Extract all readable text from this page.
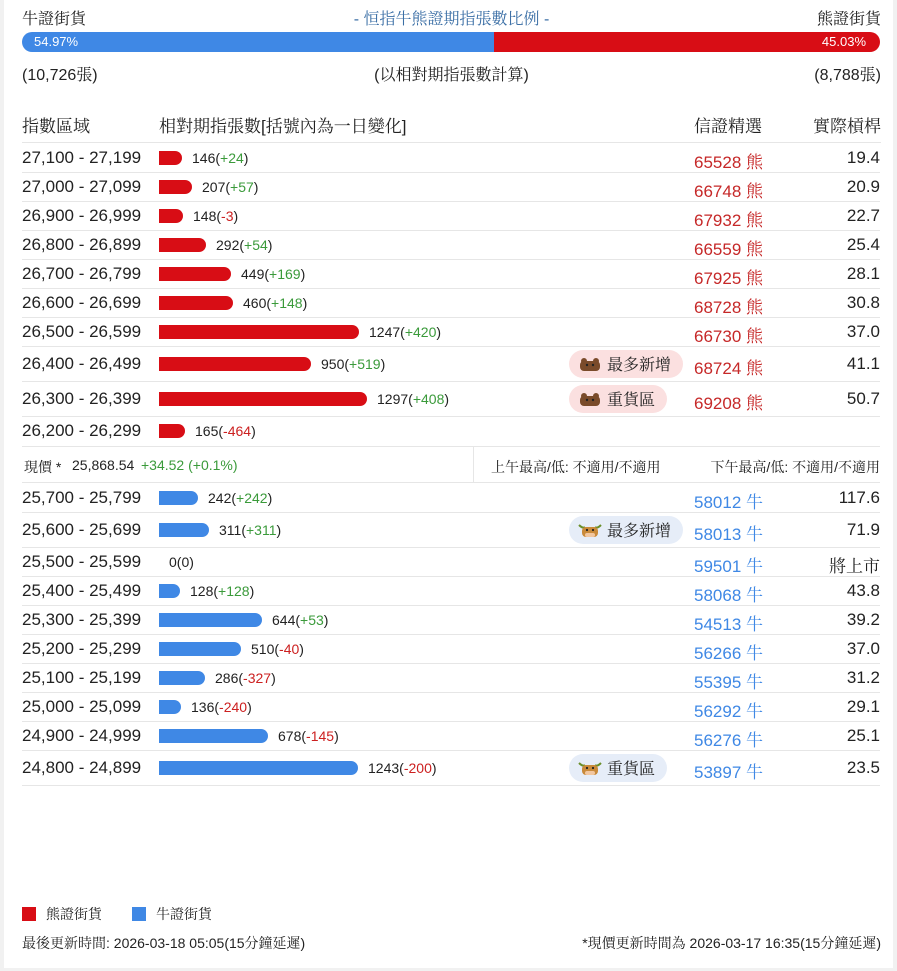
牛證街貨	- 恒指牛熊證期指張數比例 -	熊證街貨
54.97%	45.03%
(10,726張)	(以相對期指張數計算)	(8,788張)
指數區域	相對期指張數[括號內為一日變化]	信證精選	實際槓桿
27,100 - 27,199	146(+24)	65528 熊	19.4
27,000 - 27,099	207(+57)	66748 熊	20.9
26,900 - 26,999	148(-3)	67932 熊	22.7
26,800 - 26,899	292(+54)	66559 熊	25.4
26,700 - 26,799	449(+169)	67925 熊	28.1
26,600 - 26,699	460(+148)	68728 熊	30.8
26,500 - 26,599	1247(+420)	66730 熊	37.0
26,400 - 26,499	950(+519)	最多新增 68724 熊	41.1
26,300 - 26,399	1297(+408)	重貨區 69208 熊	50.7
26,200 - 26,299	165(-464)
現價 * 25,868.54 +34.52 (+0.1%)	上午最高/低: 不適用/不適用	下午最高/低: 不適用/不適用
25,700 - 25,799	242(+242)	58012 牛	117.6
25,600 - 25,699	311(+311)	最多新增 58013 牛	71.9
25,500 - 25,599 0(0)	59501 牛	將上市
25,400 - 25,499	128(+128)	58068 牛	43.8
25,300 - 25,399	644(+53)	54513 牛	39.2
25,200 - 25,299	510(-40)	56266 牛	37.0
25,100 - 25,199	286(-327)	55395 牛	31.2
25,000 - 25,099	136(-240)	56292 牛	29.1
24,900 - 24,999	678(-145)	56276 牛	25.1
24,800 - 24,899	1243(-200)	重貨區 53897 牛	23.5
熊證街貨	牛證街貨
最後更新時間: 2026-03-18 05:05(15分鐘延遲)	*現價更新時間為 2026-03-17 16:35(15分鐘延遲)
